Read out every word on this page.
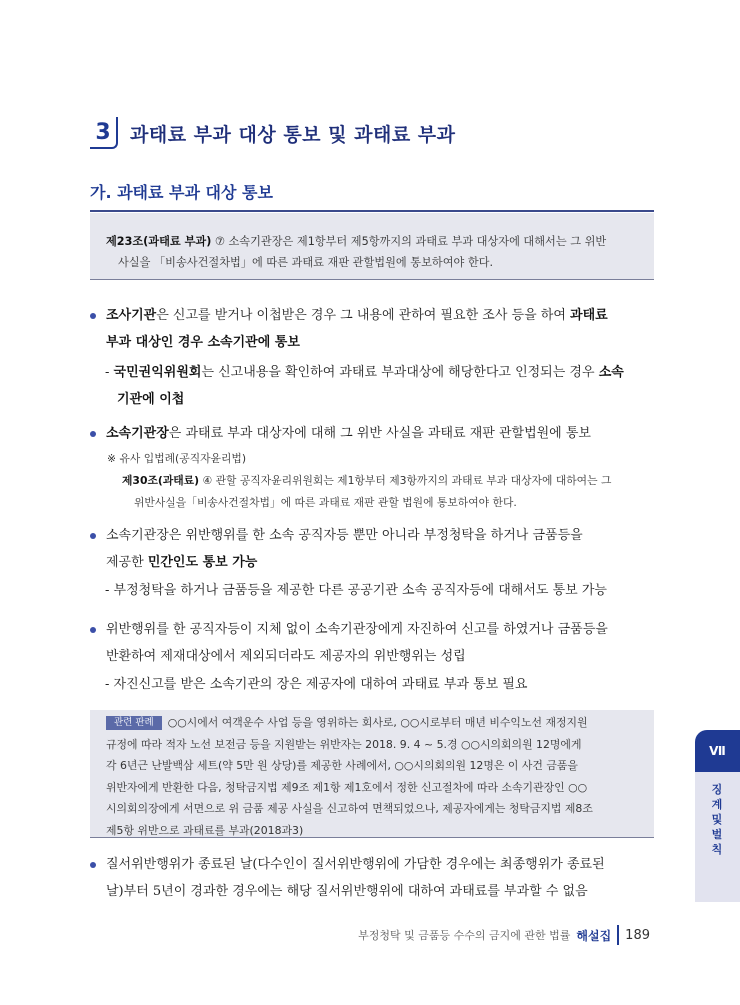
3	과태료 부과 대상 통보 및 과태료 부과
가. 과태료 부과 대상 통보
제23조(과태료 부과) ⑦ 소속기관장은 제1항부터 제5항까지의 과태료 부과 대상자에 대해서는 그 위반
사실을 「비송사건절차법」에 따른 과태료 재판 관할법원에 통보하여야 한다.
조사기관은 신고를 받거나 이첩받은 경우 그 내용에 관하여 필요한 조사 등을 하여 과태료
부과 대상인 경우 소속기관에 통보
- 국민권익위원회는 신고내용을 확인하여 과태료 부과대상에 해당한다고 인정되는 경우 소속
기관에 이첩
소속기관장은 과태료 부과 대상자에 대해 그 위반 사실을 과태료 재판 관할법원에 통보
※ 유사 입법례(공직자윤리법)
제30조(과태료) ④ 관할 공직자윤리위원회는 제1항부터 제3항까지의 과태료 부과 대상자에 대하여는 그
위반사실을「비송사건절차법」에 따른 과태료 재판 관할 법원에 통보하여야 한다.
소속기관장은 위반행위를 한 소속 공직자등 뿐만 아니라 부정청탁을 하거나 금품등을
제공한 민간인도 통보 가능
- 부정청탁을 하거나 금품등을 제공한 다른 공공기관 소속 공직자등에 대해서도 통보 가능
위반행위를 한 공직자등이 지체 없이 소속기관장에게 자진하여 신고를 하였거나 금품등을
반환하여 제재대상에서 제외되더라도 제공자의 위반행위는 성립
- 자진신고를 받은 소속기관의 장은 제공자에 대하여 과태료 부과 통보 필요
관련 판례 ○○시에서 여객운수 사업 등을 영위하는 회사로, ○○시로부터 매년 비수익노선 재정지원
규정에 따라 적자 노선 보전금 등을 지원받는 위반자는 2018. 9. 4 ~ 5.경 ○○시의회의원 12명에게
각 6년근 난발백삼 세트(약 5만 원 상당)를 제공한 사례에서, ○○시의회의원 12명은 이 사건 금품을
위반자에게 반환한 다음, 청탁금지법 제9조 제1항 제1호에서 정한 신고절차에 따라 소속기관장인 ○○
시의회의장에게 서면으로 위 금품 제공 사실을 신고하여 면책되었으나, 제공자에게는 청탁금지법 제8조
제5항 위반으로 과태료를 부과(2018과3)
질서위반행위가 종료된 날(다수인이 질서위반행위에 가담한 경우에는 최종행위가 종료된
날)부터 5년이 경과한 경우에는 해당 질서위반행위에 대하여 과태료를 부과할 수 없음
부정청탁 및 금품등 수수의 금지에 관한 법률 해설집 189
Ⅶ
징계 및 벌칙
